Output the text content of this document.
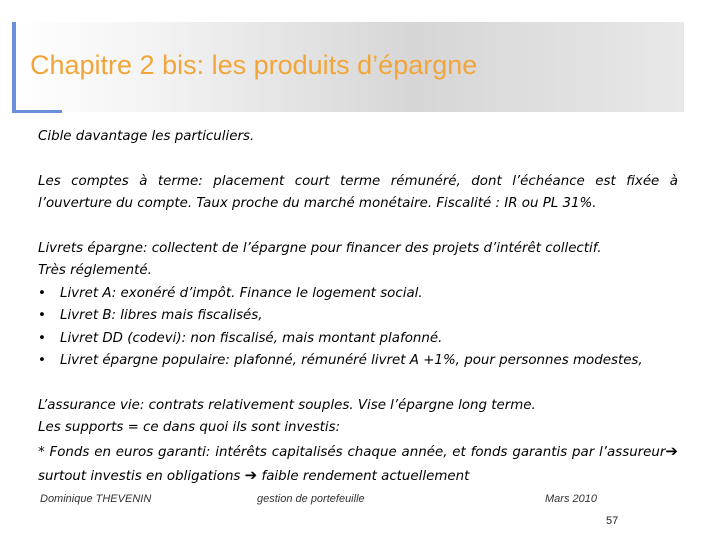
Chapitre 2 bis: les produits d’épargne

Cible davantage les particuliers.

Les comptes à terme: placement court terme rémunéré, dont l’échéance est fixée à l’ouverture du compte. Taux proche du marché monétaire. Fiscalité : IR ou PL 31%.

Livrets épargne: collectent de l’épargne pour financer des projets d’intérêt collectif.

Très réglementé.

• Livret A: exonéré d’impôt. Finance le logement social.
• Livret B: libres mais fiscalisés,
• Livret DD (codevi): non fiscalisé, mais montant plafonné.
• Livret épargne populaire: plafonné, rémunéré livret A +1%, pour personnes modestes,

L’assurance vie: contrats relativement souples. Vise l’épargne long terme.

Les supports = ce dans quoi ils sont investis:

* Fonds en euros garanti: intérêts capitalisés chaque année, et fonds garantis par l’assureur➔ surtout investis en obligations ➔ faible rendement actuellement

Dominique THEVENIN	gestion de portefeuille	Mars 2010
57
